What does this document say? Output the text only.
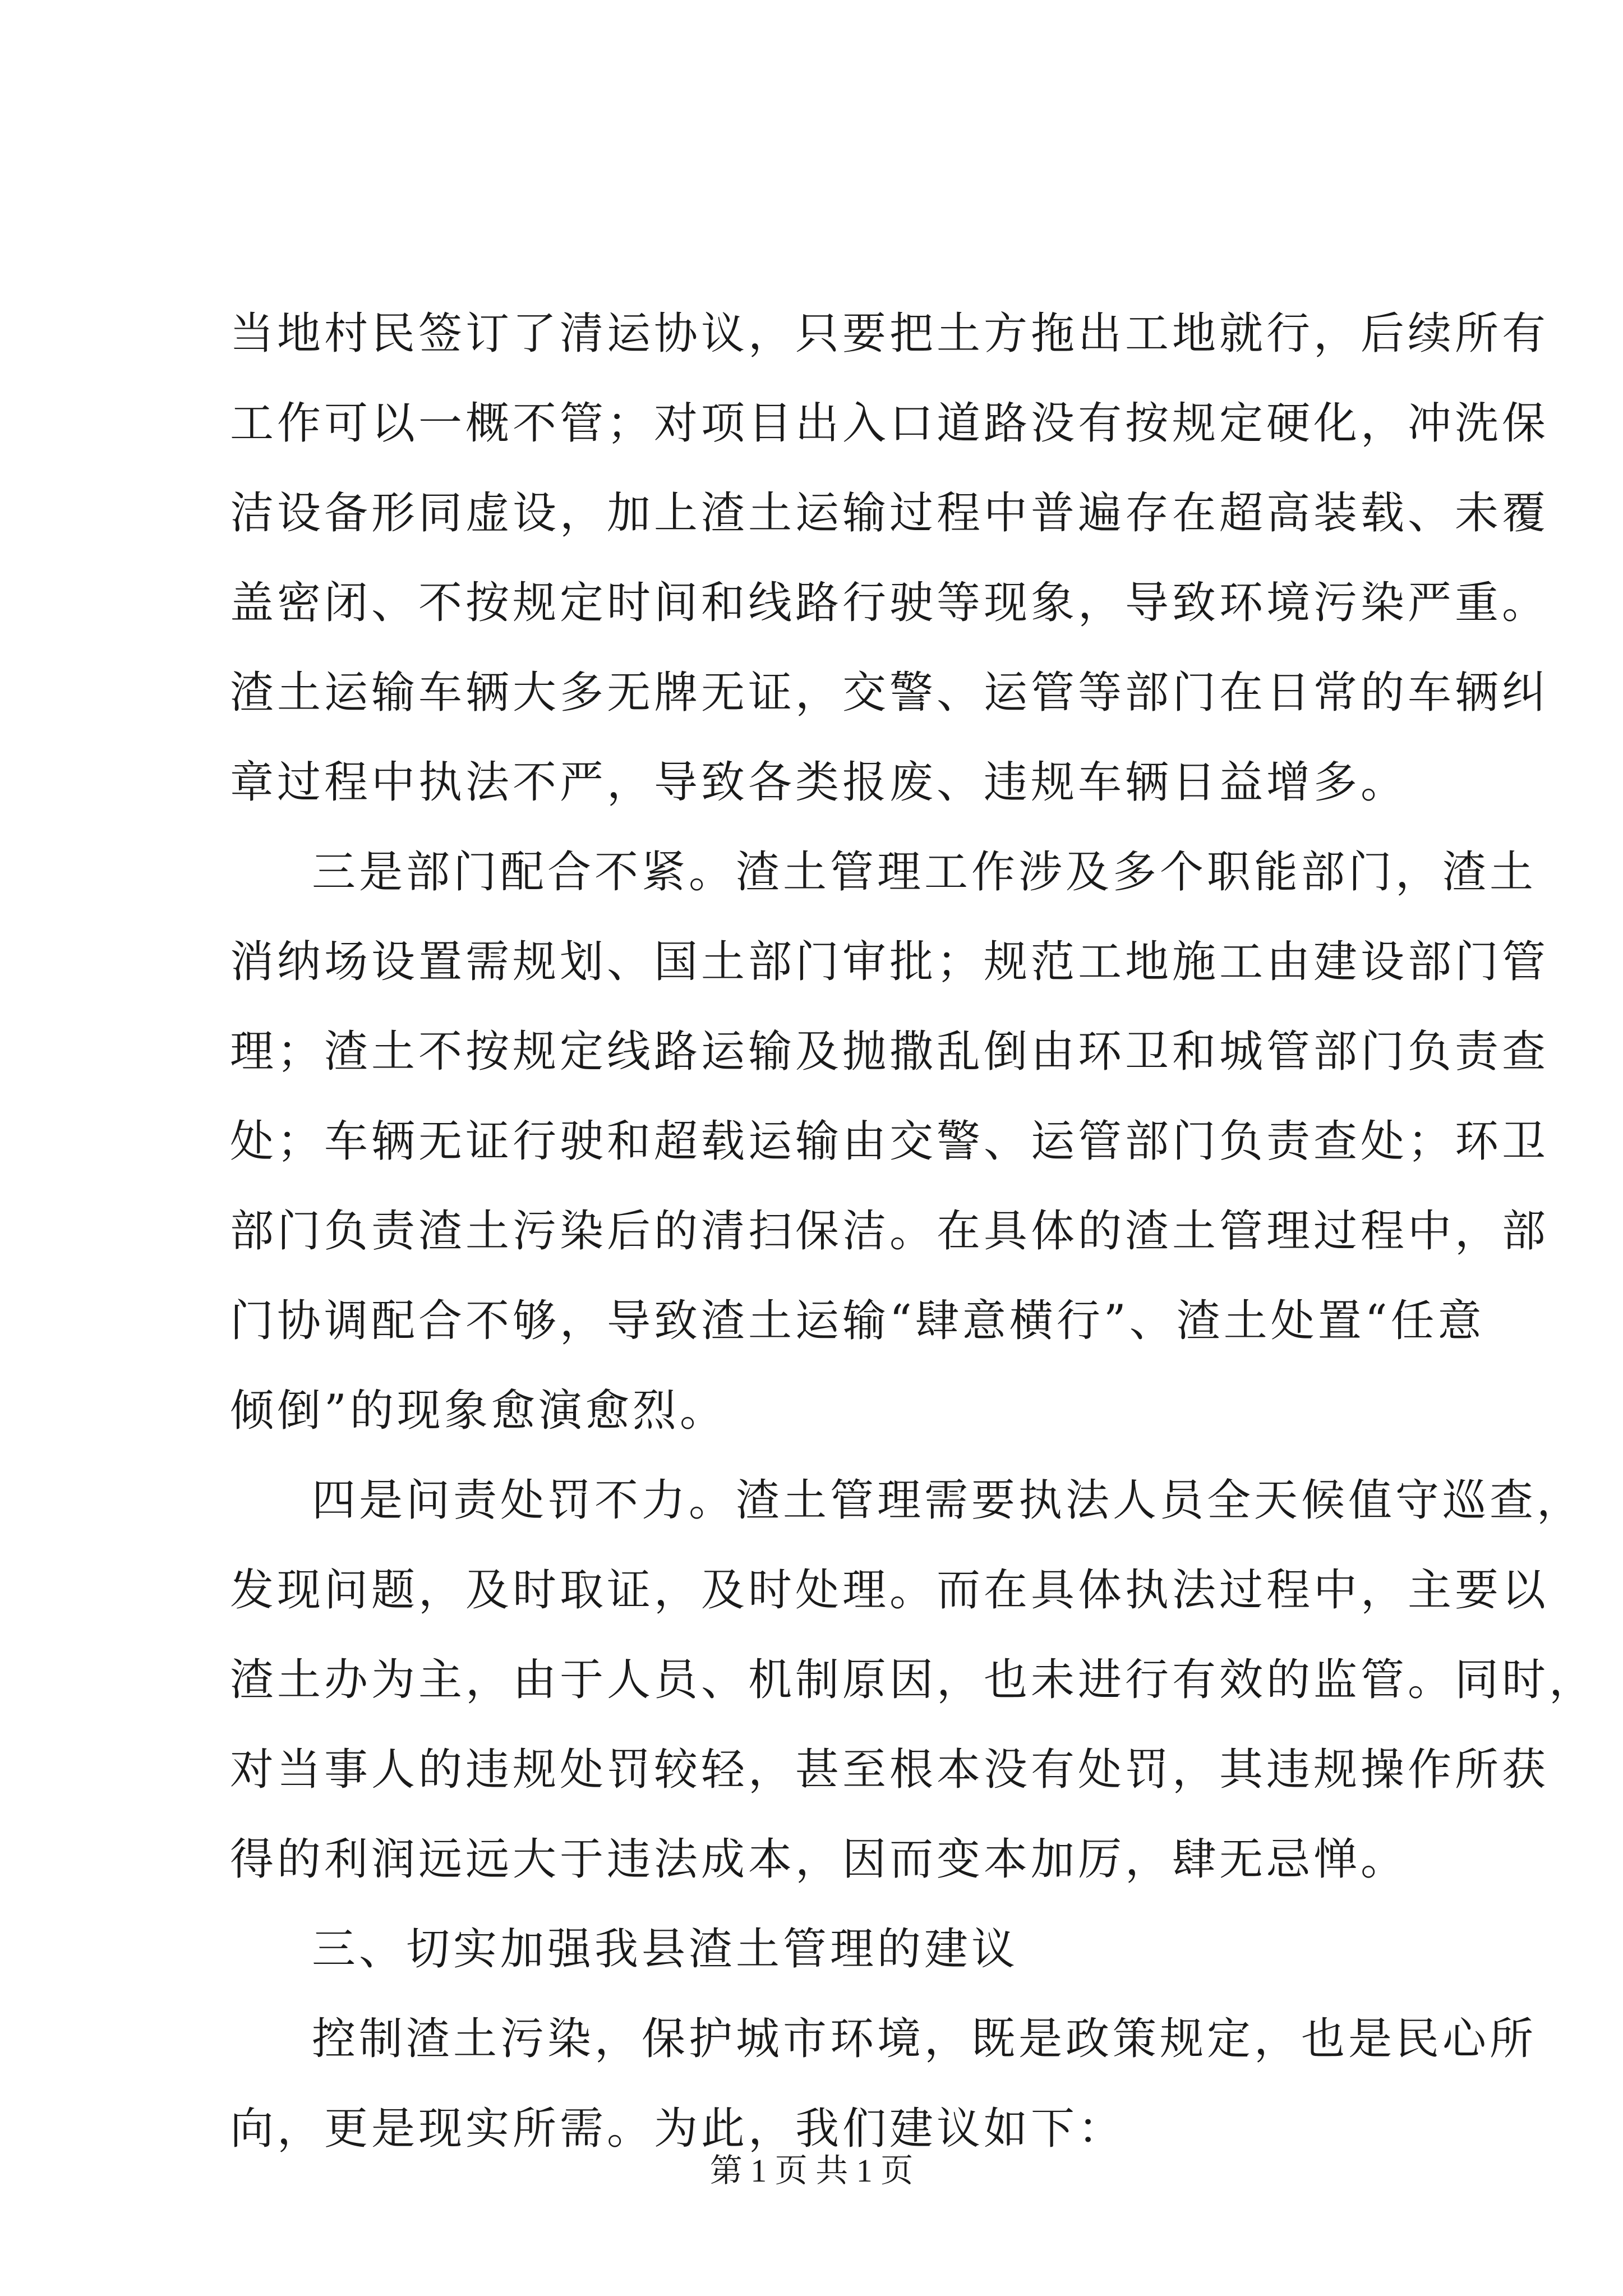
当地村民签订了清运协议，只要把土方拖出工地就行，后续所有
工作可以一概不管；对项目出入口道路没有按规定硬化，冲洗保
洁设备形同虚设，加上渣土运输过程中普遍存在超高装载、未覆
盖密闭、不按规定时间和线路行驶等现象，导致环境污染严重。
渣土运输车辆大多无牌无证，交警、运管等部门在日常的车辆纠
章过程中执法不严，导致各类报废、违规车辆日益增多。
三是部门配合不紧。渣土管理工作涉及多个职能部门，渣土
消纳场设置需规划、国土部门审批；规范工地施工由建设部门管
理；渣土不按规定线路运输及抛撒乱倒由环卫和城管部门负责查
处；车辆无证行驶和超载运输由交警、运管部门负责查处；环卫
部门负责渣土污染后的清扫保洁。在具体的渣土管理过程中，部
门协调配合不够，导致渣土运输“肆意横行”、渣土处置“任意
倾倒”的现象愈演愈烈。
四是问责处罚不力。渣土管理需要执法人员全天候值守巡查，
发现问题，及时取证，及时处理。而在具体执法过程中，主要以
渣土办为主，由于人员、机制原因，也未进行有效的监管。同时，
对当事人的违规处罚较轻，甚至根本没有处罚，其违规操作所获
得的利润远远大于违法成本，因而变本加厉，肆无忌惮。
三、切实加强我县渣土管理的建议
控制渣土污染，保护城市环境，既是政策规定，也是民心所
向，更是现实所需。为此，我们建议如下：
第 1 页 共 1 页
